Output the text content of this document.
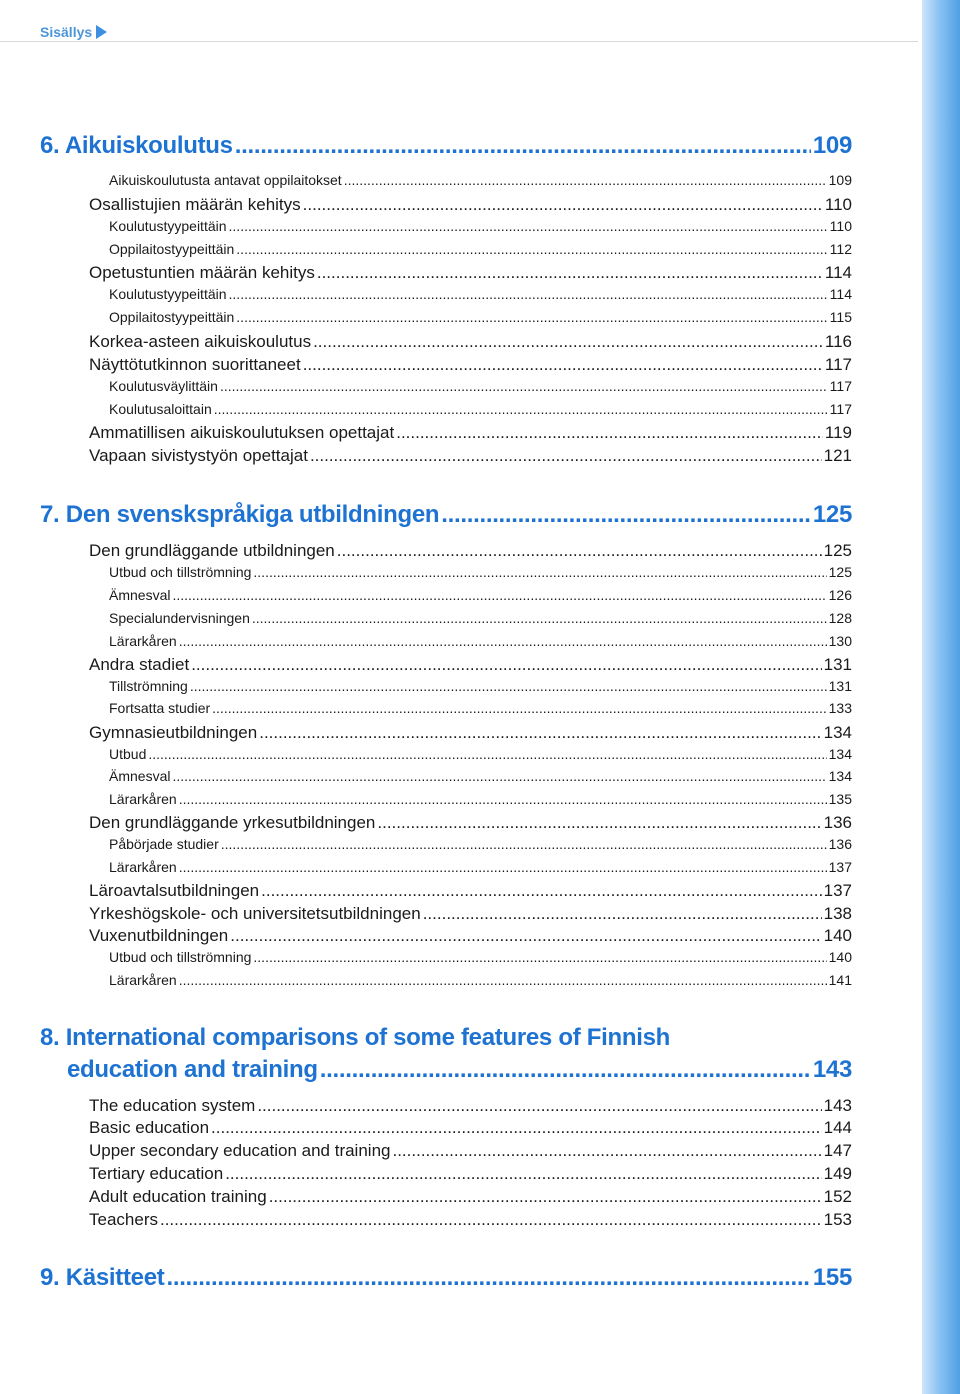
Sisällys
6. Aikuiskoulutus .....	109
Aikuiskoulutusta antavat oppilaitokset .....	109
Osallistujien määrän kehitys .....	110
Koulutustyypeittäin .....	110
Oppilaitostyypeittäin .....	112
Opetustuntien määrän kehitys .....	114
Koulutustyypeittäin .....	114
Oppilaitostyypeittäin .....	115
Korkea-asteen aikuiskoulutus .....	116
Näyttötutkinnon suorittaneet .....	117
Koulutusväylittäin .....	117
Koulutusaloittain .....	117
Ammatillisen aikuiskoulutuksen opettajat .....	119
Vapaan sivistystyön opettajat .....	121
7. Den svenskspråkiga utbildningen .....	125
Den grundläggande utbildningen .....	125
Utbud och tillströmning .....	125
Ämnesval .....	126
Specialundervisningen .....	128
Lärarkåren .....	130
Andra stadiet .....	131
Tillströmning .....	131
Fortsatta studier .....	133
Gymnasieutbildningen .....	134
Utbud .....	134
Ämnesval .....	134
Lärarkåren .....	135
Den grundläggande yrkesutbildningen .....	136
Påbörjade studier .....	136
Lärarkåren .....	137
Läroavtalsutbildningen .....	137
Yrkeshögskole- och universitetsutbildningen .....	138
Vuxenutbildningen .....	140
Utbud och tillströmning .....	140
Lärarkåren .....	141
8. International comparisons of some features of Finnish
education and training .....	143
The education system .....	143
Basic education .....	144
Upper secondary education and training .....	147
Tertiary education .....	149
Adult education training .....	152
Teachers .....	153
9. Käsitteet .....	155
